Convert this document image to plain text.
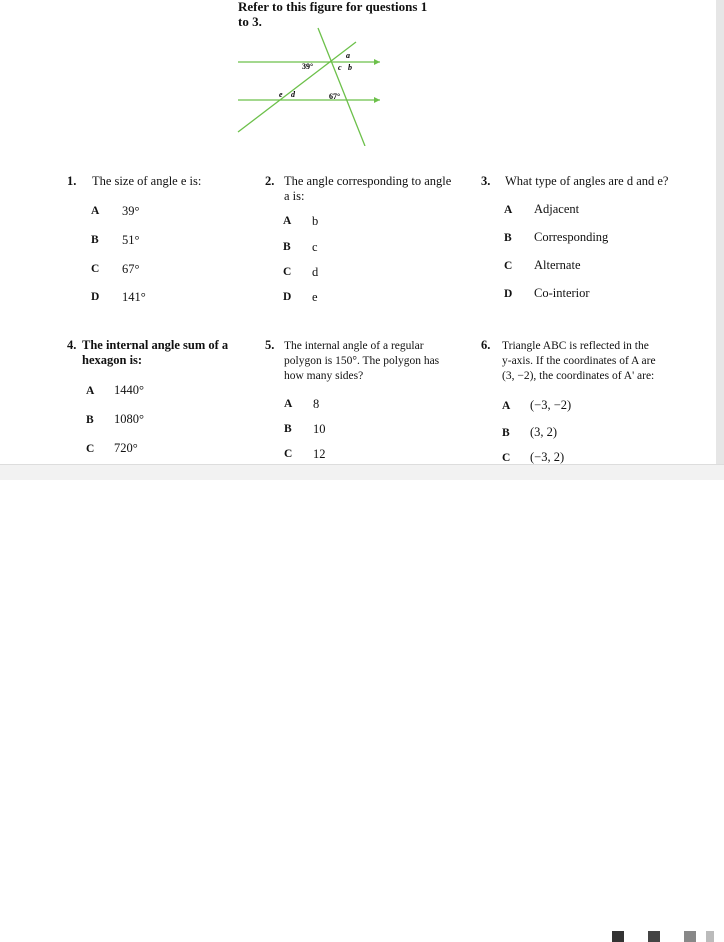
Refer to this figure for questions 1
to 3.
a
c b
e d
39°
67°
1. The size of angle e is:
A 39°
B 51°
C 67°
D 141°
2. The angle corresponding to angle
a is:
A b
B c
C d
D e
3. What type of angles are d and e?
A Adjacent
B Corresponding
C Alternate
D Co-interior
4. The internal angle sum of a
hexagon is:
A 1440°
B 1080°
C 720°
5. The internal angle of a regular
polygon is 150°. The polygon has
how many sides?
A 8
B 10
C 12
6. Triangle ABC is reflected in the
y-axis. If the coordinates of A are
(3, −2), the coordinates of A' are:
A (−3, −2)
B (3, 2)
C (−3, 2)
